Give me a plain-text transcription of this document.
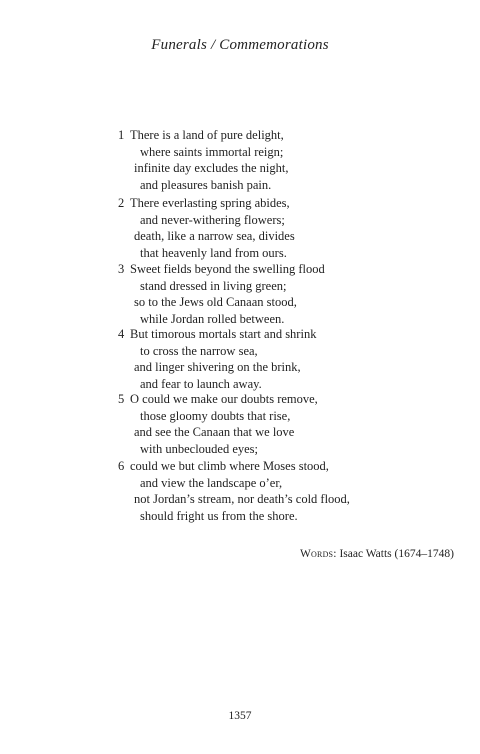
Funerals / Commemorations
1 There is a land of pure delight,
where saints immortal reign;
infinite day excludes the night,
and pleasures banish pain.
2 There everlasting spring abides,
and never-withering flowers;
death, like a narrow sea, divides
that heavenly land from ours.
3 Sweet fields beyond the swelling flood
stand dressed in living green;
so to the Jews old Canaan stood,
while Jordan rolled between.
4 But timorous mortals start and shrink
to cross the narrow sea,
and linger shivering on the brink,
and fear to launch away.
5 O could we make our doubts remove,
those gloomy doubts that rise,
and see the Canaan that we love
with unbeclouded eyes;
6 could we but climb where Moses stood,
and view the landscape o’er,
not Jordan’s stream, nor death’s cold flood,
should fright us from the shore.
Words: Isaac Watts (1674–1748)
1357
